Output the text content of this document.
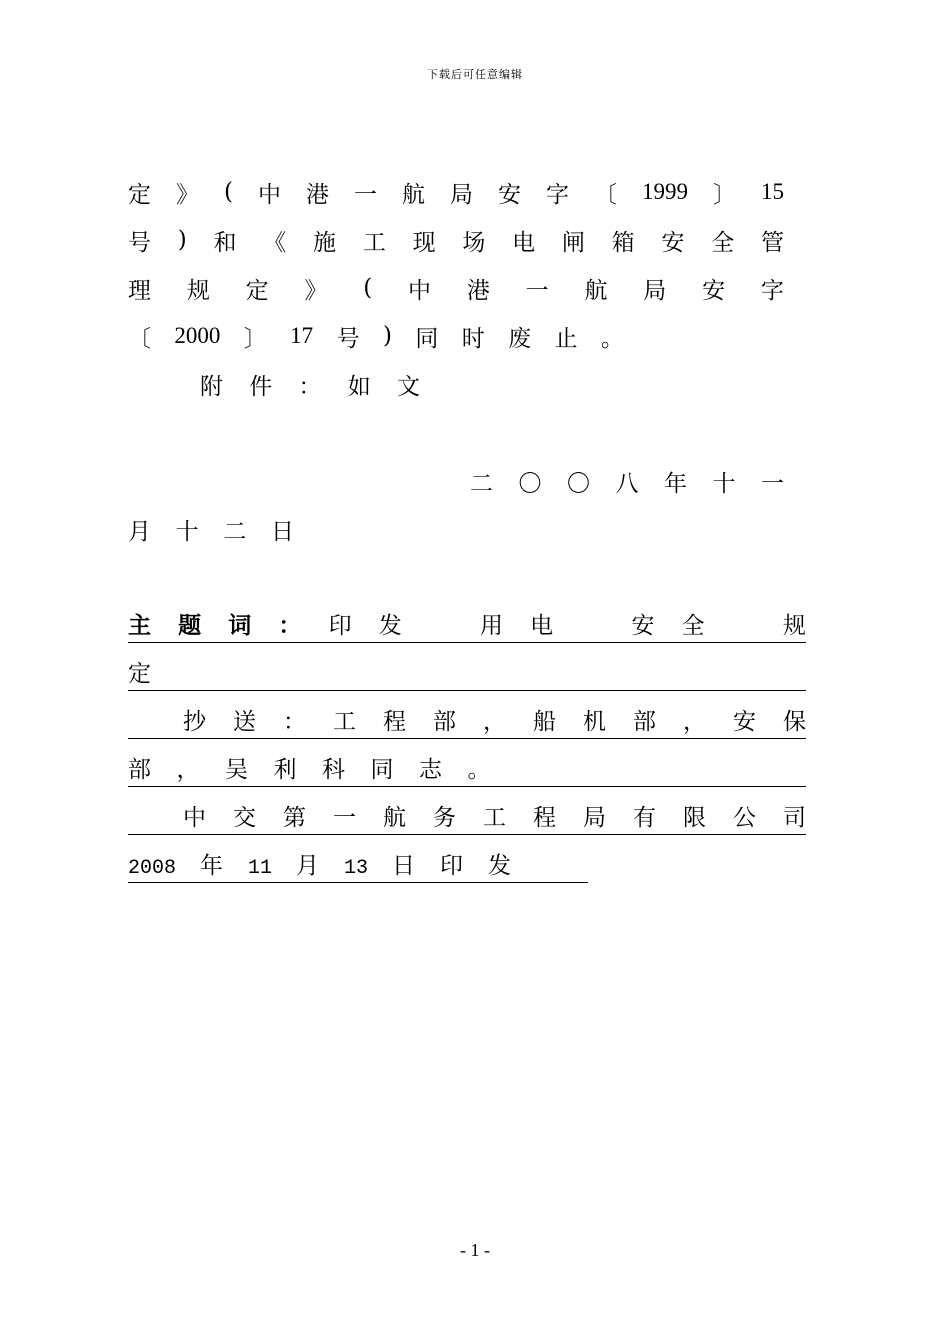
下载后可任意编辑
定 》 ( 中 港 一 航 局 安 字 〔 1999 〕 15
号 ) 和 《 施 工 现 场 电 闸 箱 安 全 管
理 规 定 》 ( 中 港 一 航 局 安 字
〔 2000 〕 17 号 ) 同 时 废 止 。
附 件 ： 如 文
二 〇 〇 八 年 十 一
月 十 二 日
主 题 词 ： 印 发	用 电	安 全	规
定
抄 送 ： 工 程 部 ， 船 机 部 ， 安 保
部	，	吴	利	科	同	志	。
中 交 第 一 航 务 工 程 局 有 限 公 司
2008	年	11	月	13	日	印	发
- 1 -
